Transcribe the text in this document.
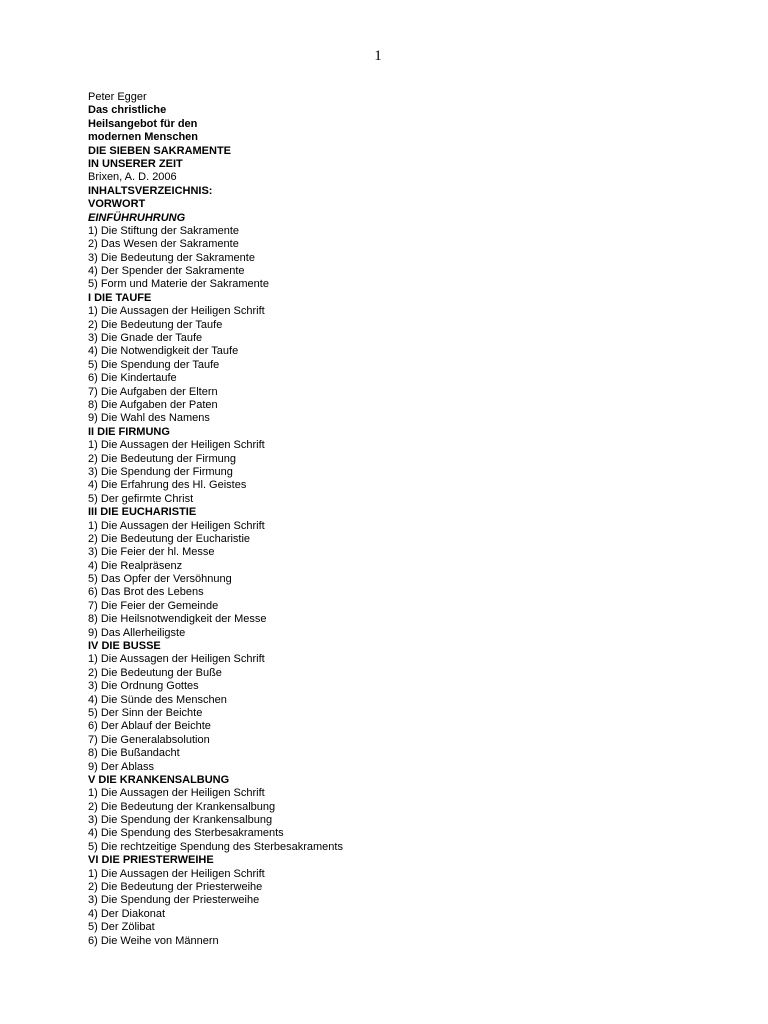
1
Peter Egger
Das christliche
Heilsangebot für den
modernen Menschen
DIE SIEBEN SAKRAMENTE
IN UNSERER ZEIT
Brixen, A. D. 2006
INHALTSVERZEICHNIS:
VORWORT
EINFÜHRUHRUNG
1) Die Stiftung der Sakramente
2) Das Wesen der Sakramente
3) Die Bedeutung der Sakramente
4) Der Spender der Sakramente
5) Form und Materie der Sakramente
I DIE TAUFE
1) Die Aussagen der Heiligen Schrift
2) Die Bedeutung der Taufe
3) Die Gnade der Taufe
4) Die Notwendigkeit der Taufe
5) Die Spendung der Taufe
6) Die Kindertaufe
7) Die Aufgaben der Eltern
8) Die Aufgaben der Paten
9) Die Wahl des Namens
II DIE FIRMUNG
1) Die Aussagen der Heiligen Schrift
2) Die Bedeutung der Firmung
3) Die Spendung der Firmung
4) Die Erfahrung des Hl. Geistes
5) Der gefirmte Christ
III DIE EUCHARISTIE
1) Die Aussagen der Heiligen Schrift
2) Die Bedeutung der Eucharistie
3) Die Feier der hl. Messe
4) Die Realpräsenz
5) Das Opfer der Versöhnung
6) Das Brot des Lebens
7) Die Feier der Gemeinde
8) Die Heilsnotwendigkeit der Messe
9) Das Allerheiligste
IV DIE BUSSE
1) Die Aussagen der Heiligen Schrift
2) Die Bedeutung der Buße
3) Die Ordnung Gottes
4) Die Sünde des Menschen
5) Der Sinn der Beichte
6) Der Ablauf der Beichte
7) Die Generalabsolution
8) Die Bußandacht
9) Der Ablass
V DIE KRANKENSALBUNG
1) Die Aussagen der Heiligen Schrift
2) Die Bedeutung der Krankensalbung
3) Die Spendung der Krankensalbung
4) Die Spendung des Sterbesakraments
5) Die rechtzeitige Spendung des Sterbesakraments
VI DIE PRIESTERWEIHE
1) Die Aussagen der Heiligen Schrift
2) Die Bedeutung der Priesterweihe
3) Die Spendung der Priesterweihe
4) Der Diakonat
5) Der Zölibat
6) Die Weihe von Männern
